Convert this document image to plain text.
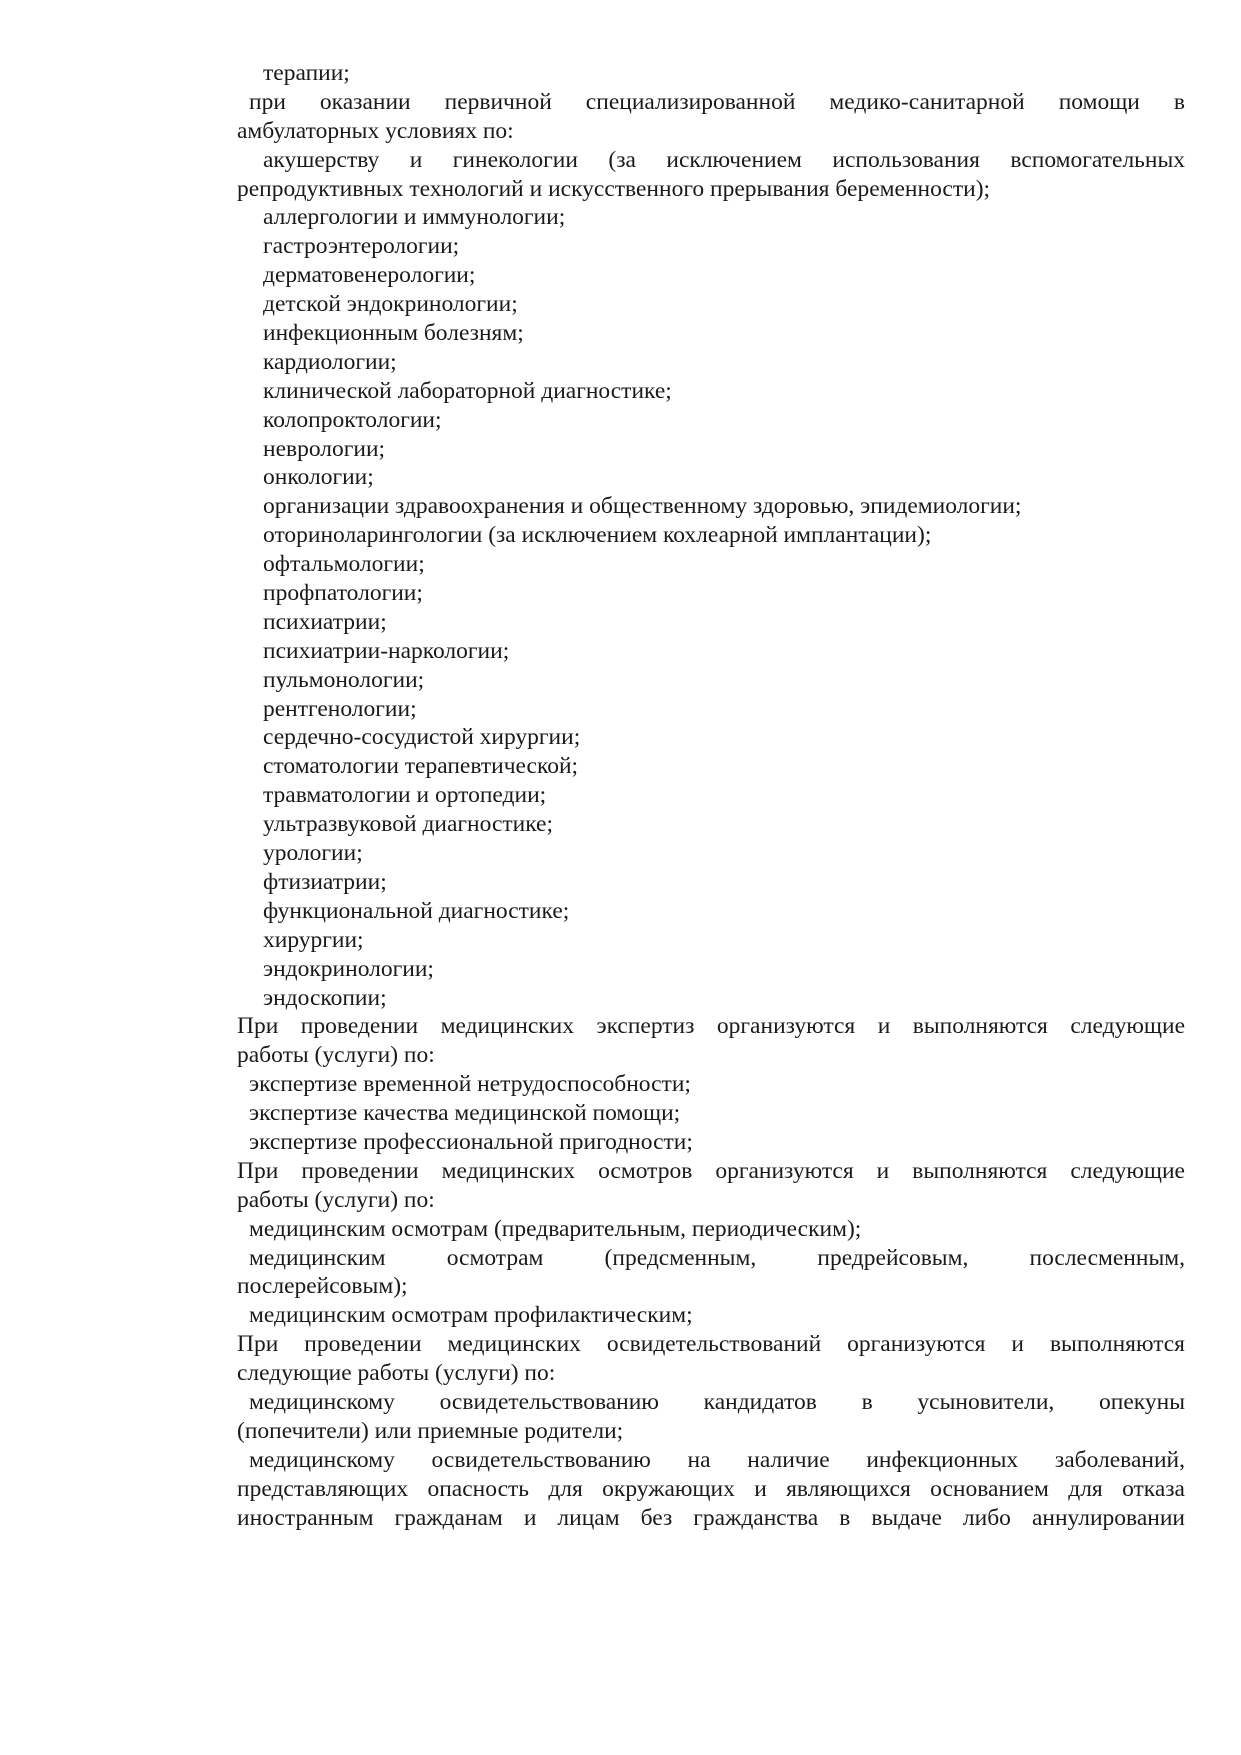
терапии;
при оказании первичной специализированной медико-санитарной помощи в
амбулаторных условиях по:
акушерству и гинекологии (за исключением использования вспомогательных
репродуктивных технологий и искусственного прерывания беременности);
аллергологии и иммунологии;
гастроэнтерологии;
дерматовенерологии;
детской эндокринологии;
инфекционным болезням;
кардиологии;
клинической лабораторной диагностике;
колопроктологии;
неврологии;
онкологии;
организации здравоохранения и общественному здоровью, эпидемиологии;
оториноларингологии (за исключением кохлеарной имплантации);
офтальмологии;
профпатологии;
психиатрии;
психиатрии-наркологии;
пульмонологии;
рентгенологии;
сердечно-сосудистой хирургии;
стоматологии терапевтической;
травматологии и ортопедии;
ультразвуковой диагностике;
урологии;
фтизиатрии;
функциональной диагностике;
хирургии;
эндокринологии;
эндоскопии;
При проведении медицинских экспертиз организуются и выполняются следующие
работы (услуги) по:
экспертизе временной нетрудоспособности;
экспертизе качества медицинской помощи;
экспертизе профессиональной пригодности;
При проведении медицинских осмотров организуются и выполняются следующие
работы (услуги) по:
медицинским осмотрам (предварительным, периодическим);
медицинским осмотрам (предсменным, предрейсовым, послесменным,
послерейсовым);
медицинским осмотрам профилактическим;
При проведении медицинских освидетельствований организуются и выполняются
следующие работы (услуги) по:
медицинскому освидетельствованию кандидатов в усыновители, опекуны
(попечители) или приемные родители;
медицинскому освидетельствованию на наличие инфекционных заболеваний,
представляющих опасность для окружающих и являющихся основанием для отказа
иностранным гражданам и лицам без гражданства в выдаче либо аннулировании
